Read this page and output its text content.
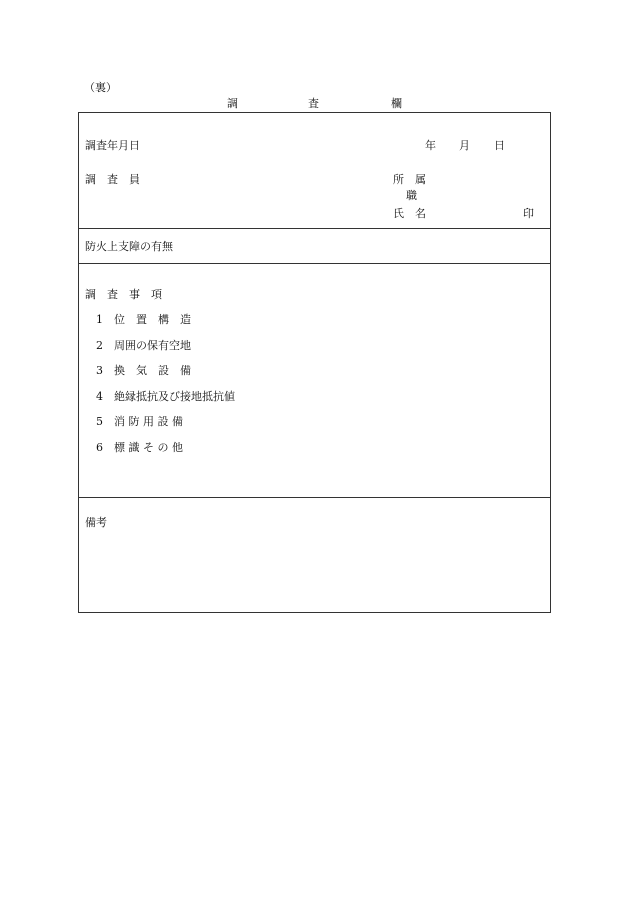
（裏）
調	査	欄
調査年月日	年 月 日
調　査　員	所　属
職
氏　名	印
防火上支障の有無
調　査　事　項
1 位　置　構　造
2 周囲の保有空地
3 換　気　設　備
4 絶縁抵抗及び接地抵抗値
5 消 防 用 設 備
6 標 識 そ の 他
備考
